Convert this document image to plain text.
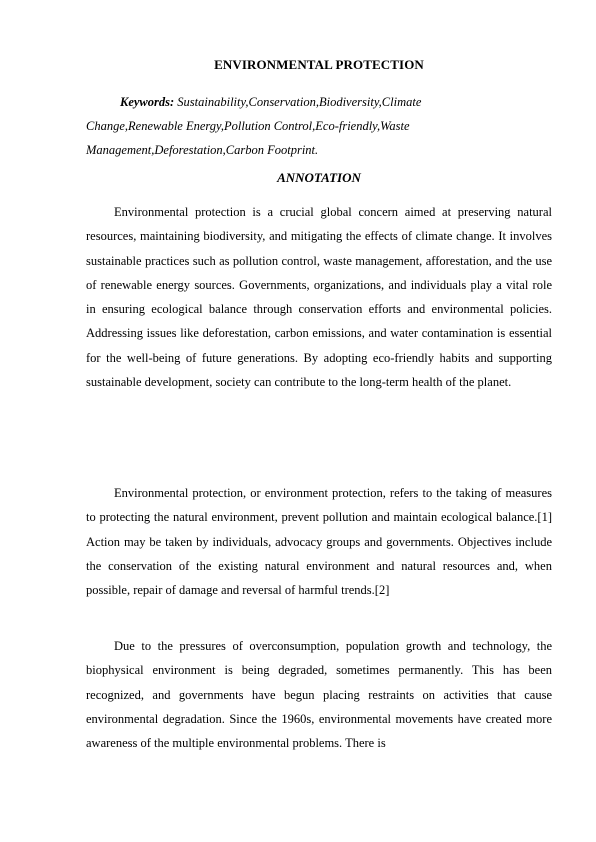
ENVIRONMENTAL PROTECTION
Keywords: Sustainability,Conservation,Biodiversity,Climate Change,Renewable Energy,Pollution Control,Eco-friendly,Waste Management,Deforestation,Carbon Footprint.
ANNOTATION

Environmental protection is a crucial global concern aimed at preserving natural resources, maintaining biodiversity, and mitigating the effects of climate change. It involves sustainable practices such as pollution control, waste management, afforestation, and the use of renewable energy sources. Governments, organizations, and individuals play a vital role in ensuring ecological balance through conservation efforts and environmental policies. Addressing issues like deforestation, carbon emissions, and water contamination is essential for the well-being of future generations. By adopting eco-friendly habits and supporting sustainable development, society can contribute to the long-term health of the planet.

Environmental protection, or environment protection, refers to the taking of measures to protecting the natural environment, prevent pollution and maintain ecological balance.[1] Action may be taken by individuals, advocacy groups and governments. Objectives include the conservation of the existing natural environment and natural resources and, when possible, repair of damage and reversal of harmful trends.[2]

Due to the pressures of overconsumption, population growth and technology, the biophysical environment is being degraded, sometimes permanently. This has been recognized, and governments have begun placing restraints on activities that cause environmental degradation. Since the 1960s, environmental movements have created more awareness of the multiple environmental problems. There is
